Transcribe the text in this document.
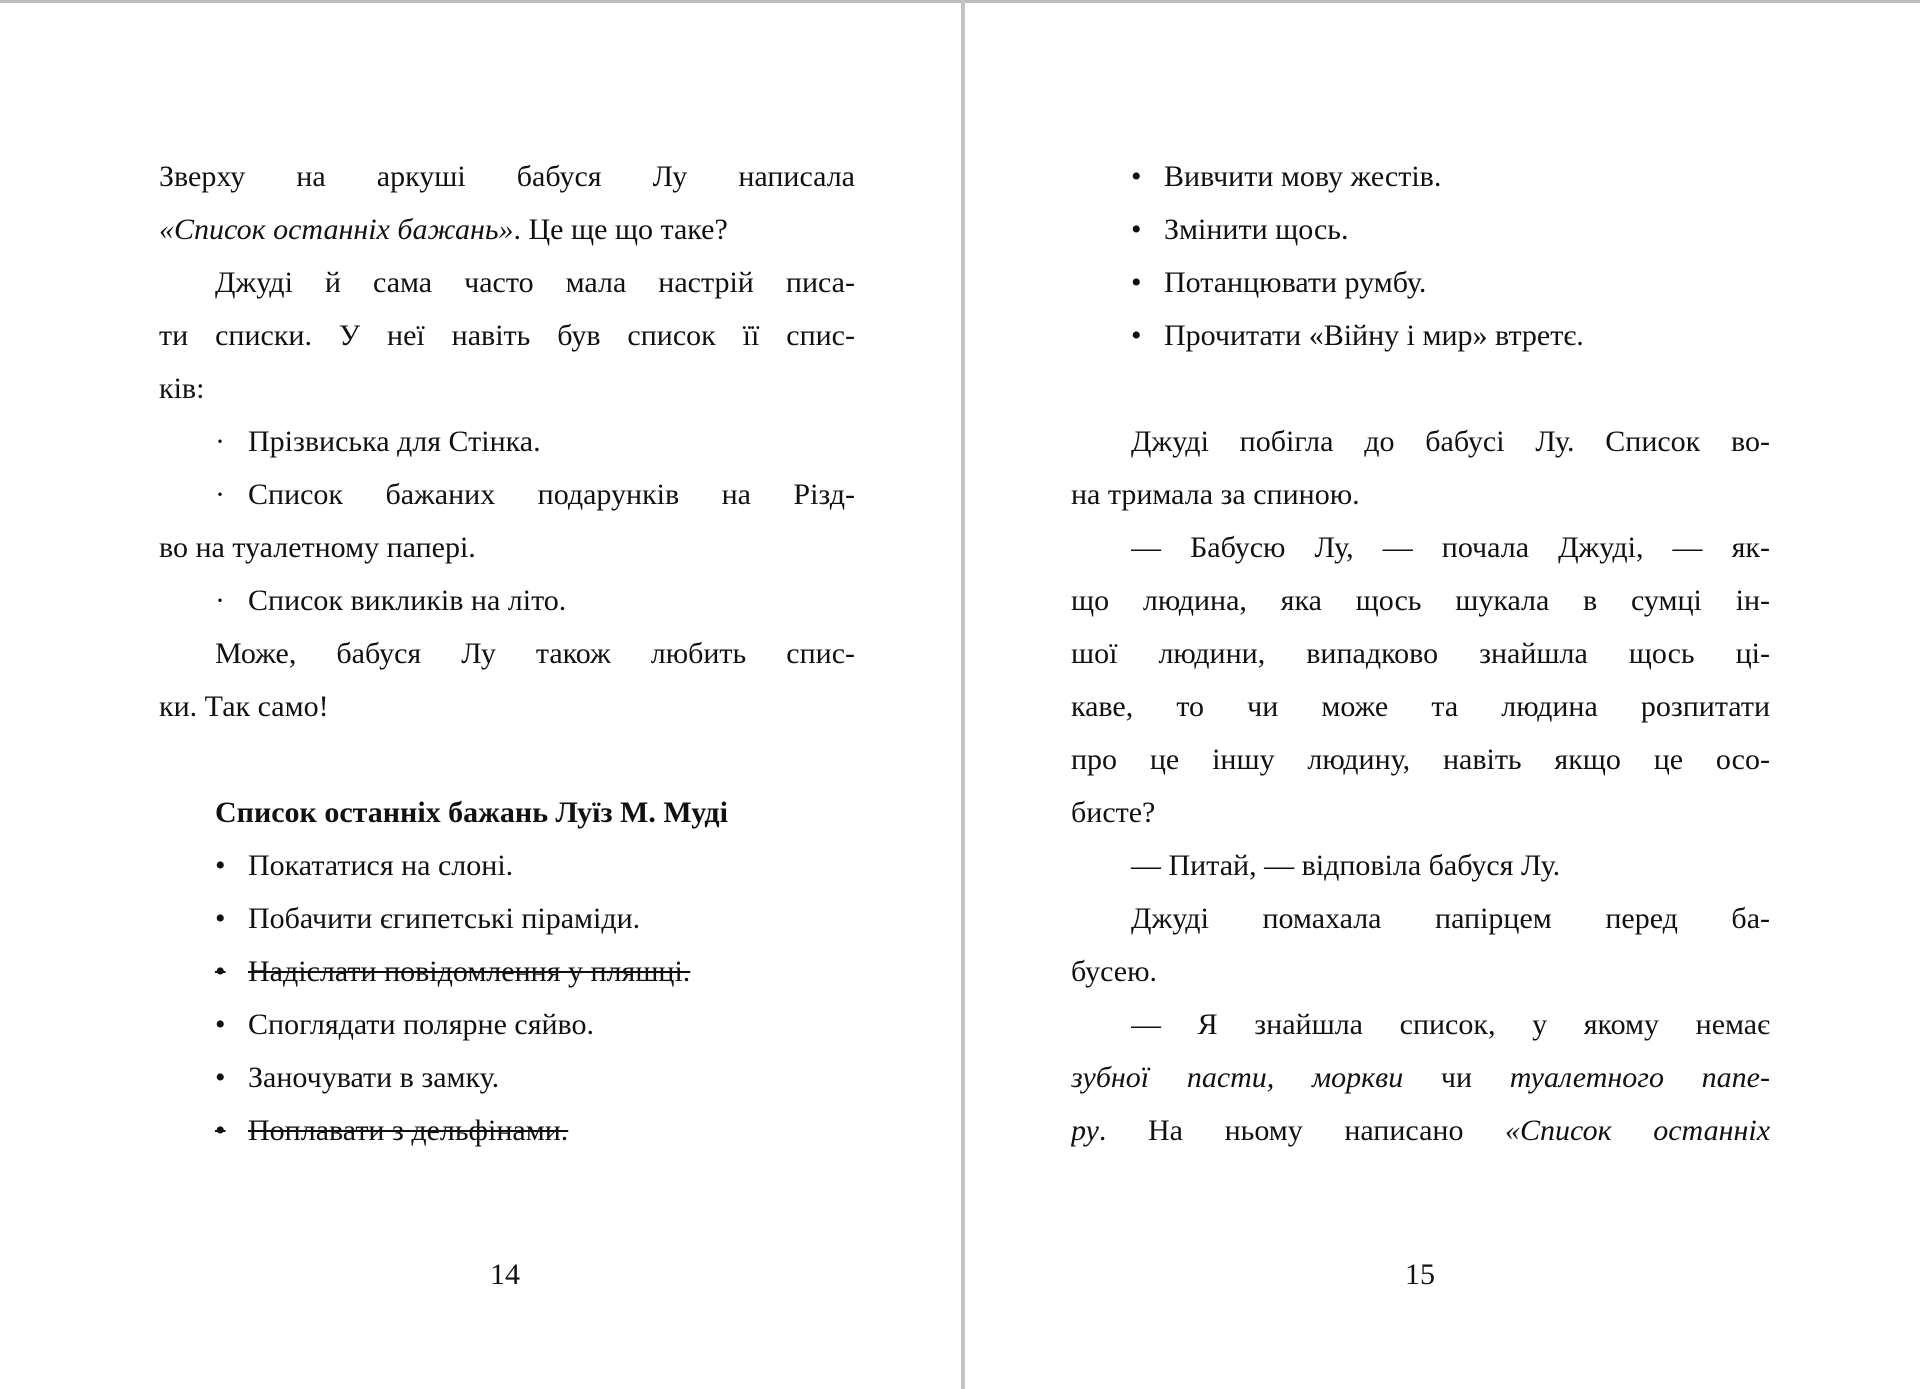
Зверху на аркуші бабуся Лу написала
«Список останніх бажань». Це ще що таке?
Джуді й сама часто мала настрій писа-
ти списки. У неї навіть був список її спис-
ків:
· Прізвиська для Стінка.
· Список бажаних подарунків на Різд-
во на туалетному папері.
· Список викликів на літо.
Може, бабуся Лу також любить спис-
ки. Так само!
Список останніх бажань Луїз М. Муді
• Покататися на слоні.
• Побачити єгипетські піраміди.
• Надіслати повідомлення у пляшці.
• Споглядати полярне сяйво.
• Заночувати в замку.
• Поплавати з дельфінами.
14
• Вивчити мову жестів.
• Змінити щось.
• Потанцювати румбу.
• Прочитати «Війну і мир» втретє.
Джуді побігла до бабусі Лу. Список во-
на тримала за спиною.
— Бабусю Лу, — почала Джуді, — як-
що людина, яка щось шукала в сумці ін-
шої людини, випадково знайшла щось ці-
каве, то чи може та людина розпитати
про це іншу людину, навіть якщо це осо-
бисте?
— Питай, — відповіла бабуся Лу.
Джуді помахала папірцем перед ба-
бусею.
— Я знайшла список, у якому немає
зубної пасти, моркви чи туалетного папе-
ру. На ньому написано «Список останніх
15
